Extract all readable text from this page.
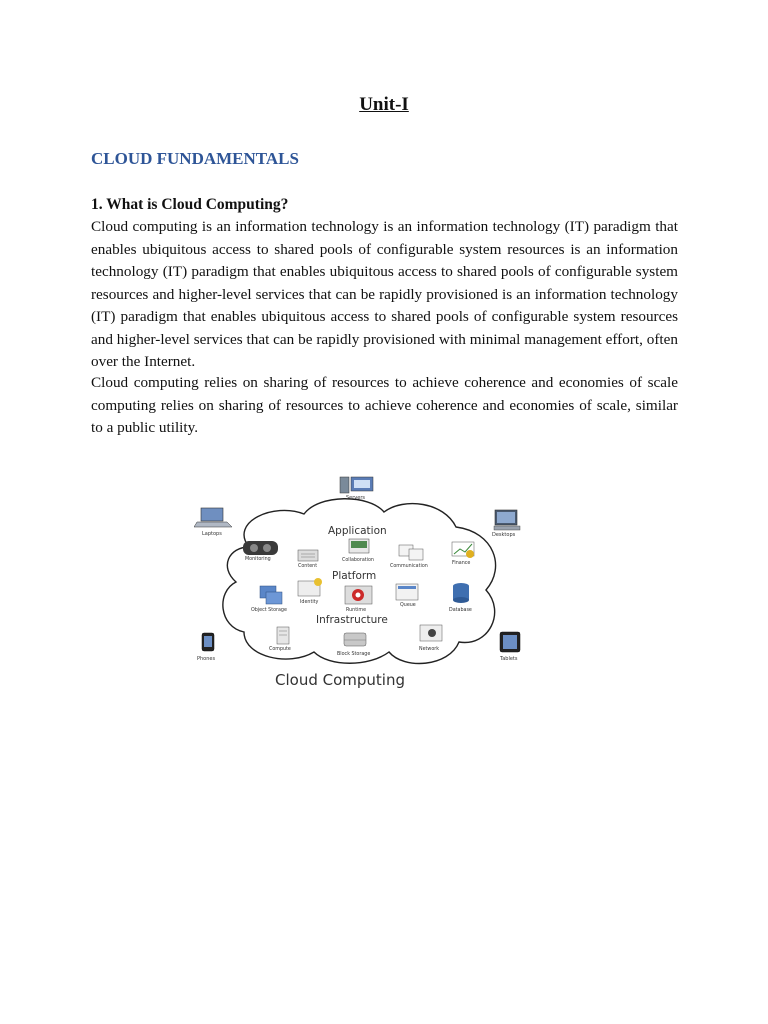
Unit-I
CLOUD FUNDAMENTALS
1. What is Cloud Computing?

Cloud computing is an information technology is an information technology (IT) paradigm that enables ubiquitous access to shared pools of configurable system resources is an information technology (IT) paradigm that enables ubiquitous access to shared pools of configurable system resources and higher-level services that can be rapidly provisioned is an information technology (IT) paradigm that enables ubiquitous access to shared pools of configurable system resources and higher-level services that can be rapidly provisioned with minimal management effort, often over the Internet.

Cloud computing relies on sharing of resources to achieve coherence and economies of scale computing relies on sharing of resources to achieve coherence and economies of scale, similar to a public utility.

Servers
Laptops	Desktops
Phones	Tablets
Application
Platform
Infrastructure
Monitoring
Content
Collaboration
Communication
Finance
Object Storage
Identity
Runtime
Queue
Database
Compute
Block Storage
Network
Cloud Computing
